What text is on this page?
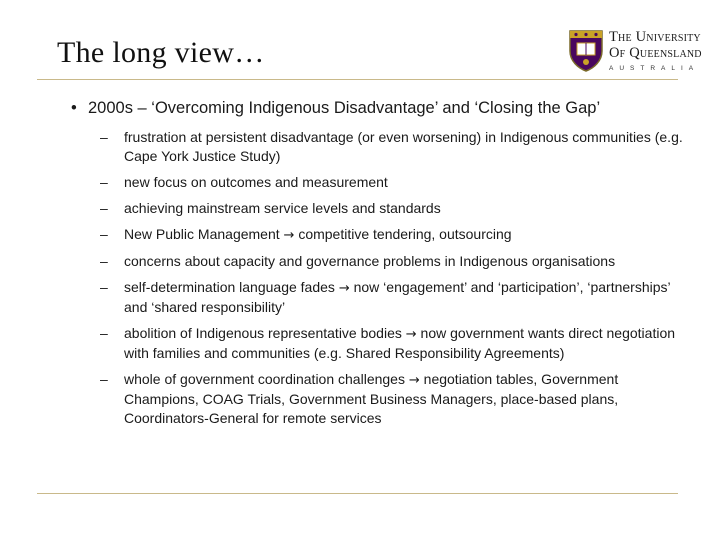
The long view…	The University
Of Queensland
AUSTRALIA
• 2000s – ‘Overcoming Indigenous Disadvantage’ and ‘Closing the Gap’
– frustration at persistent disadvantage (or even worsening) in Indigenous communities (e.g. Cape York Justice Study)
– new focus on outcomes and measurement
– achieving mainstream service levels and standards
– New Public Management → competitive tendering, outsourcing
– concerns about capacity and governance problems in Indigenous organisations
– self-determination language fades → now ‘engagement’ and ‘participation’, ‘partnerships’ and ‘shared responsibility’
– abolition of Indigenous representative bodies → now government wants direct negotiation with families and communities (e.g. Shared Responsibility Agreements)
– whole of government coordination challenges → negotiation tables, Government Champions, COAG Trials, Government Business Managers, place-based plans, Coordinators-General for remote services
